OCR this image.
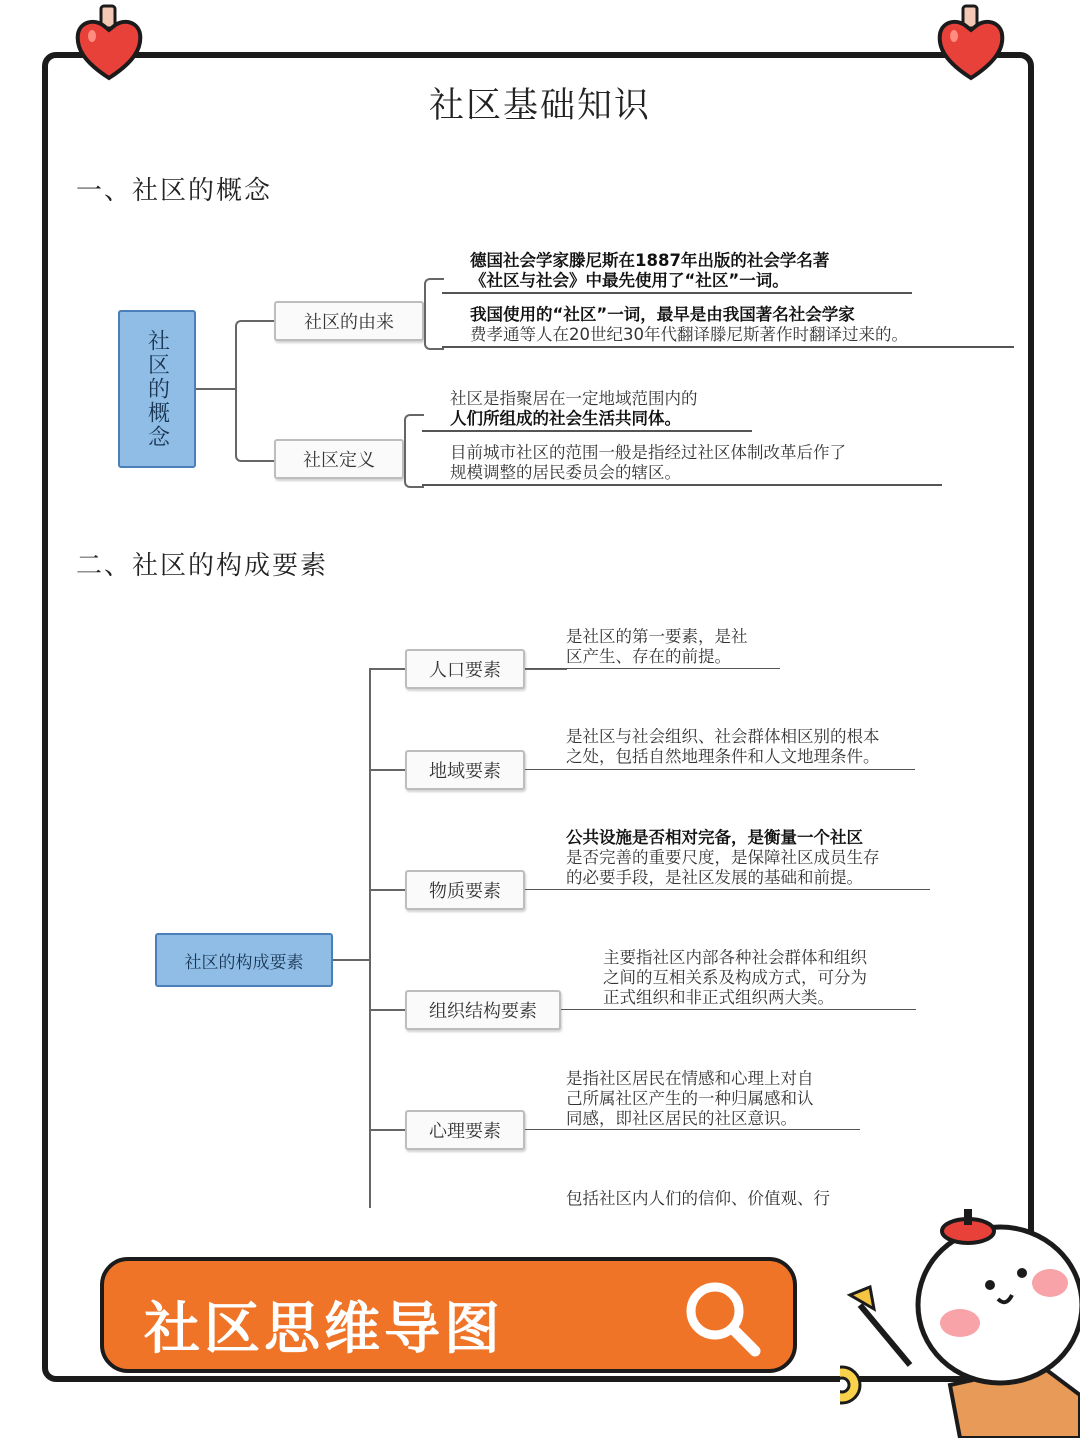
社区基础知识
一、社区的概念
社区的概念
社区的由来
德国社会学家滕尼斯在1887年出版的社会学名著
《社区与社会》中最先使用了“社区”一词。
我国使用的“社区”一词，最早是由我国著名社会学家
费孝通等人在20世纪30年代翻译滕尼斯著作时翻译过来的。
社区定义
社区是指聚居在一定地域范围内的
人们所组成的社会生活共同体。
目前城市社区的范围一般是指经过社区体制改革后作了
规模调整的居民委员会的辖区。
二、社区的构成要素
社区的构成要素
人口要素
是社区的第一要素，是社
区产生、存在的前提。
地域要素
是社区与社会组织、社会群体相区别的根本
之处，包括自然地理条件和人文地理条件。
物质要素
公共设施是否相对完备，是衡量一个社区
是否完善的重要尺度，是保障社区成员生存
的必要手段，是社区发展的基础和前提。
组织结构要素
主要指社区内部各种社会群体和组织
之间的互相关系及构成方式，可分为
正式组织和非正式组织两大类。
心理要素
是指社区居民在情感和心理上对自
己所属社区产生的一种归属感和认
同感，即社区居民的社区意识。
包括社区内人们的信仰、价值观、行
社区思维导图
